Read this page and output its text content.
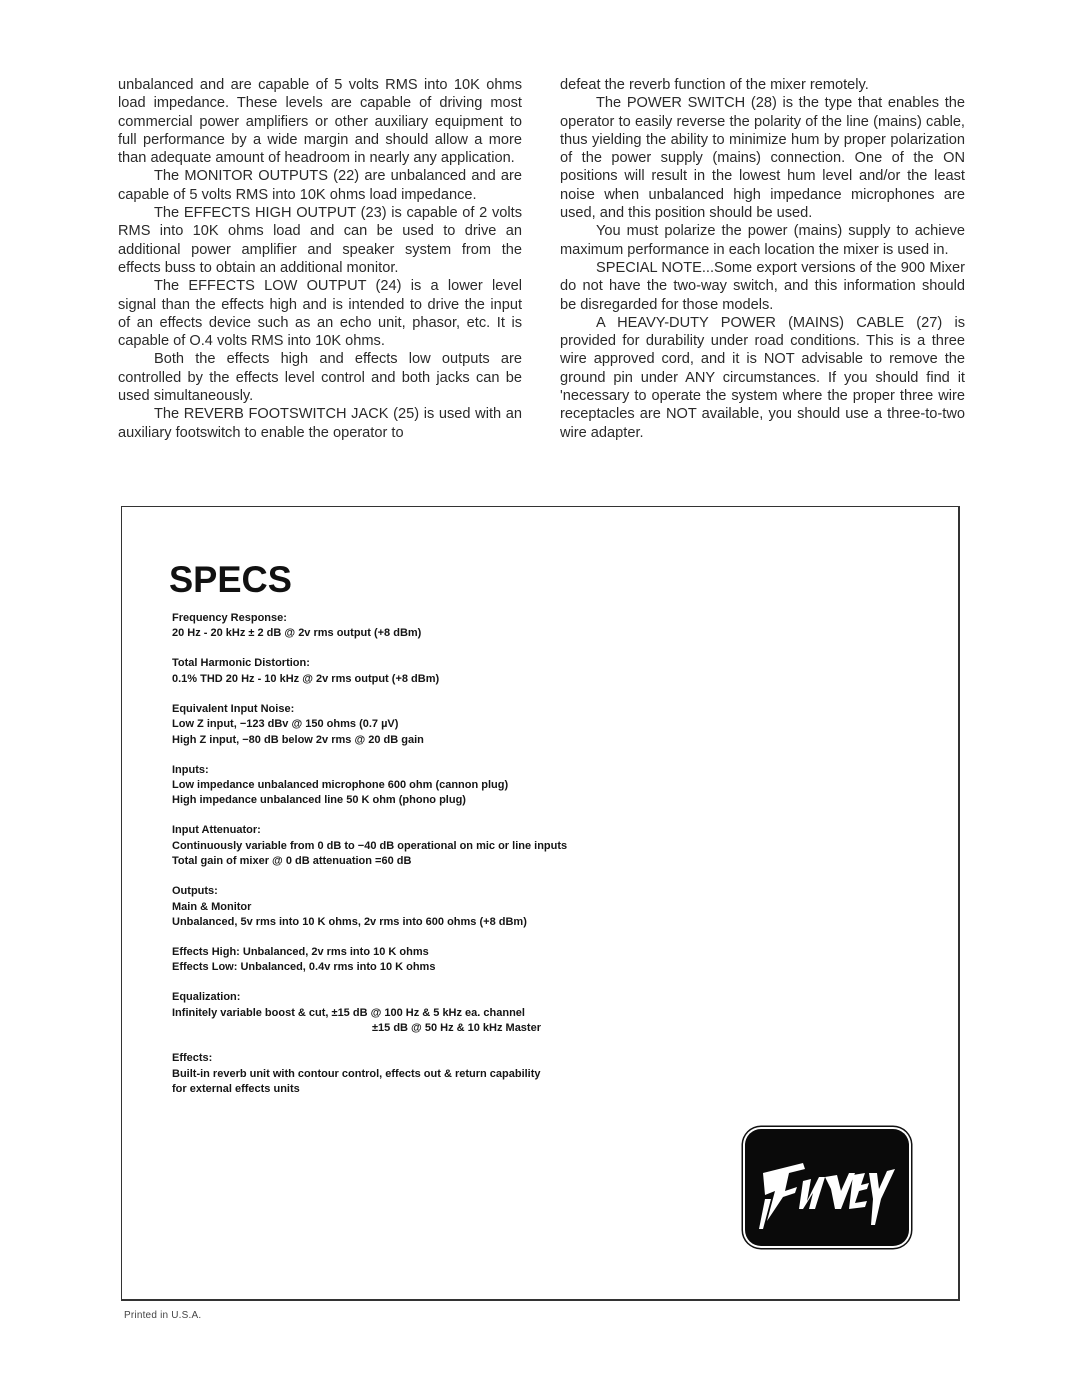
unbalanced and are capable of 5 volts RMS into 10K ohms load impedance. These levels are capable of driving most commercial power amplifiers or other auxiliary equipment to full performance by a wide margin and should allow a more than adequate amount of headroom in nearly any application.

The MONITOR OUTPUTS (22) are unbalanced and are capable of 5 volts RMS into 10K ohms load impedance.

The EFFECTS HIGH OUTPUT (23) is capable of 2 volts RMS into 10K ohms load and can be used to drive an additional power amplifier and speaker system from the effects buss to obtain an additional monitor.

The EFFECTS LOW OUTPUT (24) is a lower level signal than the effects high and is intended to drive the input of an effects device such as an echo unit, phasor, etc. It is capable of O.4 volts RMS into 10K ohms.

Both the effects high and effects low outputs are controlled by the effects level control and both jacks can be used simultaneously.

The REVERB FOOTSWITCH JACK (25) is used with an auxiliary footswitch to enable the operator to

defeat the reverb function of the mixer remotely.

The POWER SWITCH (28) is the type that enables the operator to easily reverse the polarity of the line (mains) cable, thus yielding the ability to minimize hum by proper polarization of the power supply (mains) connection. One of the ON positions will result in the lowest hum level and/or the least noise when unbalanced high impedance microphones are used, and this position should be used.

You must polarize the power (mains) supply to achieve maximum performance in each location the mixer is used in.

SPECIAL NOTE...Some export versions of the 900 Mixer do not have the two-way switch, and this information should be disregarded for those models.

A HEAVY-DUTY POWER (MAINS) CABLE (27) is provided for durability under road conditions. This is a three wire approved cord, and it is NOT advisable to remove the ground pin under ANY circumstances. If you should find it 'necessary to operate the system where the proper three wire receptacles are NOT available, you should use a three-to-two wire adapter.

SPECS
Frequency Response:
20 Hz - 20 kHz ± 2 dB @ 2v rms output (+8 dBm)
Total Harmonic Distortion:
0.1% THD 20 Hz - 10 kHz @ 2v rms output (+8 dBm)
Equivalent Input Noise:
Low Z input, −123 dBv @ 150 ohms (0.7 µV)
High Z input, −80 dB below 2v rms @ 20 dB gain
Inputs:
Low impedance unbalanced microphone 600 ohm (cannon plug)
High impedance unbalanced line 50 K ohm (phono plug)
Input Attenuator:
Continuously variable from 0 dB to −40 dB operational on mic or line inputs
Total gain of mixer @ 0 dB attenuation =60 dB
Outputs:
Main & Monitor
Unbalanced, 5v rms into 10 K ohms, 2v rms into 600 ohms (+8 dBm)
Effects High: Unbalanced, 2v rms into 10 K ohms
Effects Low: Unbalanced, 0.4v rms into 10 K ohms
Equalization:
Infinitely variable boost & cut, ±15 dB @ 100 Hz & 5 kHz ea. channel
±15 dB @ 50 Hz & 10 kHz Master
Effects:
Built-in reverb unit with contour control, effects out & return capability
for external effects units
Printed in U.S.A.
